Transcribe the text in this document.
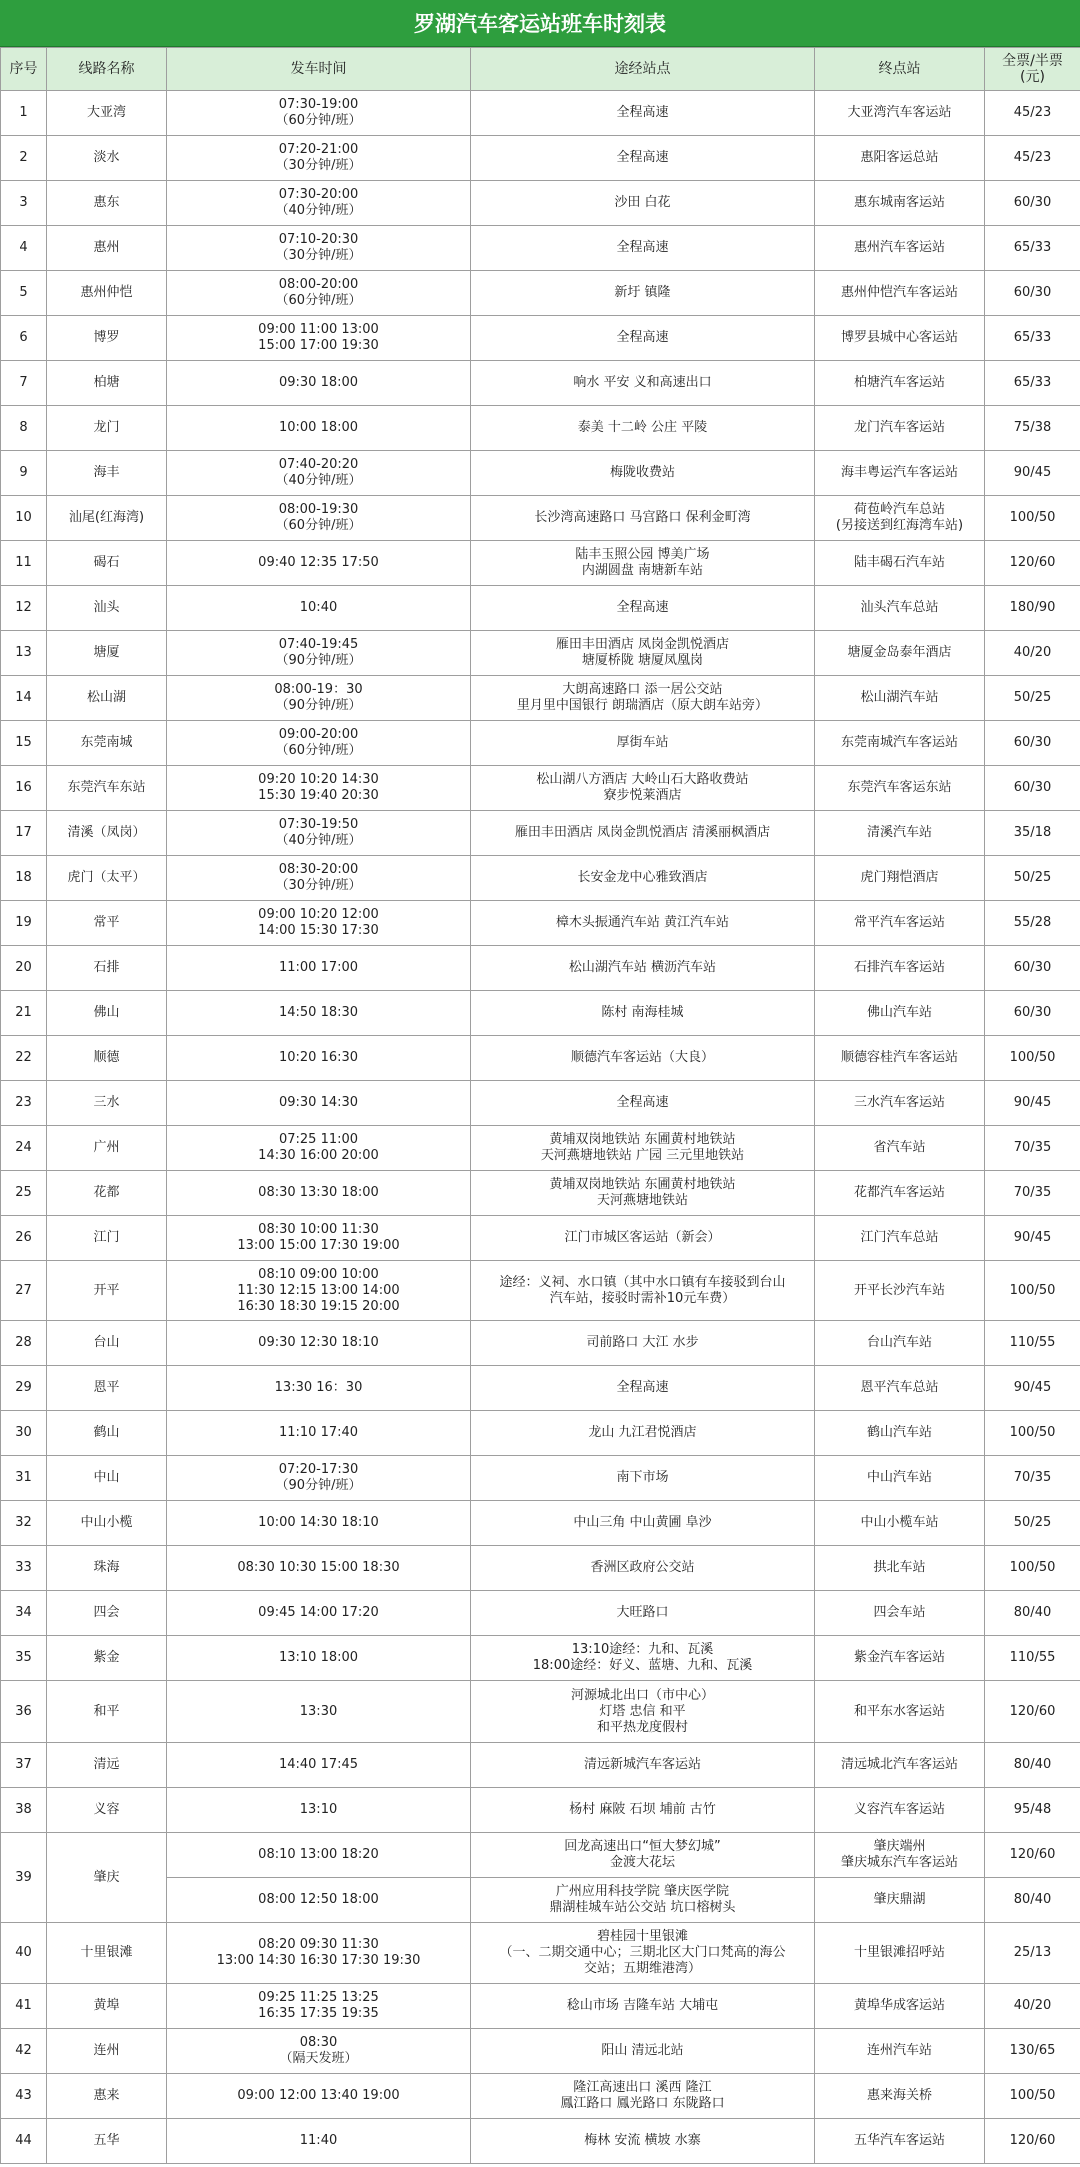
罗湖汽车客运站班车时刻表
序号	线路名称	发车时间	途经站点	终点站	全票/半票
(元)
1	大亚湾	07:30-19:00
（60分钟/班）	全程高速	大亚湾汽车客运站	45/23
2	淡水	07:20-21:00
（30分钟/班）	全程高速	惠阳客运总站	45/23
3	惠东	07:30-20:00
（40分钟/班）	沙田 白花	惠东城南客运站	60/30
4	惠州	07:10-20:30
（30分钟/班）	全程高速	惠州汽车客运站	65/33
5	惠州仲恺	08:00-20:00
（60分钟/班）	新圩 镇隆	惠州仲恺汽车客运站	60/30
6	博罗	09:00 11:00 13:00
15:00 17:00 19:30	全程高速	博罗县城中心客运站	65/33
7	柏塘	09:30 18:00	响水 平安 义和高速出口	柏塘汽车客运站	65/33
8	龙门	10:00 18:00	泰美 十二岭 公庄 平陵	龙门汽车客运站	75/38
9	海丰	07:40-20:20
（40分钟/班）	梅陇收费站	海丰粤运汽车客运站	90/45
10	汕尾(红海湾)	08:00-19:30
（60分钟/班）	长沙湾高速路口 马宫路口 保利金町湾	荷苞岭汽车总站
(另接送到红海湾车站)	100/50
11	碣石	09:40 12:35 17:50	陆丰玉照公园 博美广场
内湖圆盘 南塘新车站	陆丰碣石汽车站	120/60
12	汕头	10:40	全程高速	汕头汽车总站	180/90
13	塘厦	07:40-19:45
（90分钟/班）	雁田丰田酒店 凤岗金凯悦酒店
塘厦桥陇 塘厦凤凰岗	塘厦金岛泰年酒店	40/20
14	松山湖	08:00-19：30
（90分钟/班）	大朗高速路口 添一居公交站
里月里中国银行 朗瑞酒店（原大朗车站旁）	松山湖汽车站	50/25
15	东莞南城	09:00-20:00
（60分钟/班）	厚街车站	东莞南城汽车客运站	60/30
16	东莞汽车东站	09:20 10:20 14:30
15:30 19:40 20:30	松山湖八方酒店 大岭山石大路收费站
寮步悦莱酒店	东莞汽车客运东站	60/30
17	清溪（凤岗）	07:30-19:50
（40分钟/班）	雁田丰田酒店 凤岗金凯悦酒店 清溪丽枫酒店	清溪汽车站	35/18
18	虎门（太平）	08:30-20:00
（30分钟/班）	长安金龙中心雅致酒店	虎门翔恺酒店	50/25
19	常平	09:00 10:20 12:00
14:00 15:30 17:30	樟木头振通汽车站 黄江汽车站	常平汽车客运站	55/28
20	石排	11:00 17:00	松山湖汽车站 横沥汽车站	石排汽车客运站	60/30
21	佛山	14:50 18:30	陈村 南海桂城	佛山汽车站	60/30
22	顺德	10:20 16:30	顺德汽车客运站（大良）	顺德容桂汽车客运站	100/50
23	三水	09:30 14:30	全程高速	三水汽车客运站	90/45
24	广州	07:25 11:00
14:30 16:00 20:00	黄埔双岗地铁站 东圃黄村地铁站
天河燕塘地铁站 广园 三元里地铁站	省汽车站	70/35
25	花都	08:30 13:30 18:00	黄埔双岗地铁站 东圃黄村地铁站
天河燕塘地铁站	花都汽车客运站	70/35
26	江门	08:30 10:00 11:30
13:00 15:00 17:30 19:00	江门市城区客运站（新会）	江门汽车总站	90/45
27	开平	08:10 09:00 10:00
11:30 12:15 13:00 14:00
16:30 18:30 19:15 20:00	途经：义祠、水口镇（其中水口镇有车接驳到台山
汽车站，接驳时需补10元车费）	开平长沙汽车站	100/50
28	台山	09:30 12:30 18:10	司前路口 大江 水步	台山汽车站	110/55
29	恩平	13:30 16：30	全程高速	恩平汽车总站	90/45
30	鹤山	11:10 17:40	龙山 九江君悦酒店	鹤山汽车站	100/50
31	中山	07:20-17:30
（90分钟/班）	南下市场	中山汽车站	70/35
32	中山小榄	10:00 14:30 18:10	中山三角 中山黄圃 阜沙	中山小榄车站	50/25
33	珠海	08:30 10:30 15:00 18:30	香洲区政府公交站	拱北车站	100/50
34	四会	09:45 14:00 17:20	大旺路口	四会车站	80/40
35	紫金	13:10 18:00	13:10途经：九和、瓦溪
18:00途经：好义、蓝塘、九和、瓦溪	紫金汽车客运站	110/55
36	和平	13:30	河源城北出口（市中心）
灯塔 忠信 和平
和平热龙度假村	和平东水客运站	120/60
37	清远	14:40 17:45	清远新城汽车客运站	清远城北汽车客运站	80/40
38	义容	13:10	杨村 麻陂 石坝 埔前 古竹	义容汽车客运站	95/48
39	肇庆	08:10 13:00 18:20	回龙高速出口“恒大梦幻城”
金渡大花坛	肇庆端州
肇庆城东汽车客运站	120/60
		08:00 12:50 18:00	广州应用科技学院 肇庆医学院
鼎湖桂城车站公交站 坑口榕树头	肇庆鼎湖	80/40
40	十里银滩	08:20 09:30 11:30
13:00 14:30 16:30 17:30 19:30	碧桂园十里银滩
（一、二期交通中心；三期北区大门口梵高的海公
交站；五期维港湾）	十里银滩招呼站	25/13
41	黄埠	09:25 11:25 13:25
16:35 17:35 19:35	稔山市场 吉隆车站 大埔屯	黄埠华成客运站	40/20
42	连州	08:30
（隔天发班）	阳山 清远北站	连州汽车站	130/65
43	惠来	09:00 12:00 13:40 19:00	隆江高速出口 溪西 隆江
鳳江路口 鳳光路口 东陇路口	惠来海关桥	100/50
44	五华	11:40	梅林 安流 横坡 水寨	五华汽车客运站	120/60
